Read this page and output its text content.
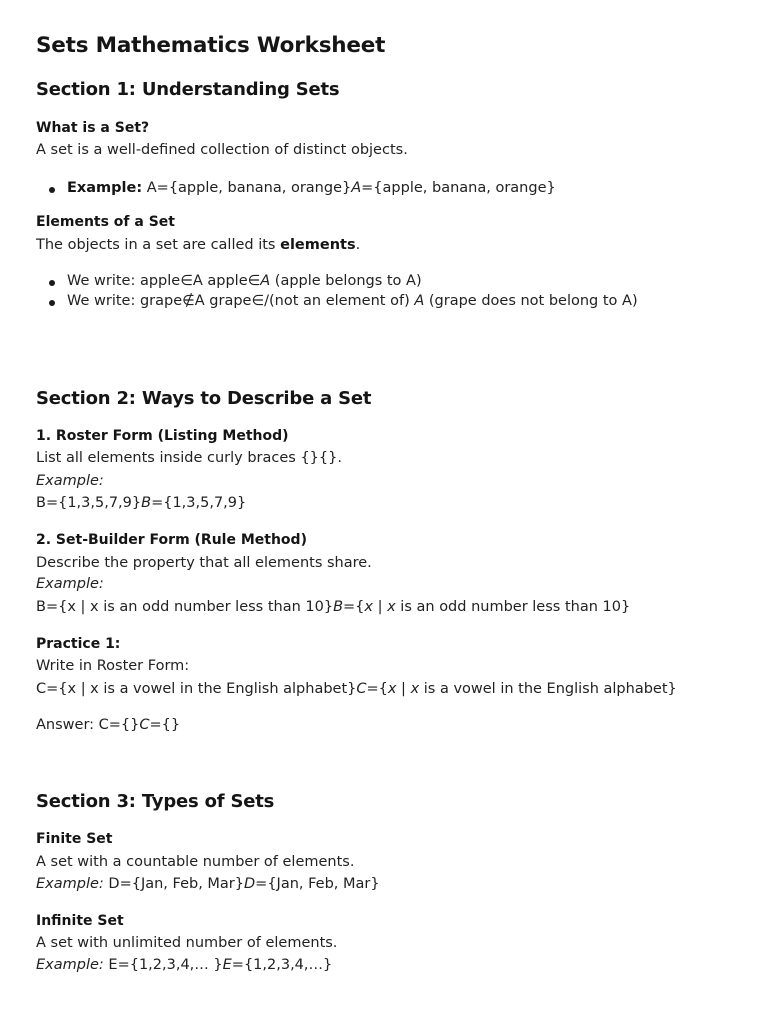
Sets Mathematics Worksheet
Section 1: Understanding Sets
What is a Set?
A set is a well-defined collection of distinct objects.
Example: A={apple, banana, orange}A={apple, banana, orange}
Elements of a Set
The objects in a set are called its elements.
We write: apple∈A apple∈A (apple belongs to A)
We write: grape∉A grape∈/(not an element of) A (grape does not belong to A)
Section 2: Ways to Describe a Set
1. Roster Form (Listing Method)
List all elements inside curly braces {}{}.
Example:
B={1,3,5,7,9}B={1,3,5,7,9}
2. Set-Builder Form (Rule Method)
Describe the property that all elements share.
Example:
B={x | x is an odd number less than 10}B={x | x is an odd number less than 10}
Practice 1:
Write in Roster Form:
C={x | x is a vowel in the English alphabet}C={x | x is a vowel in the English alphabet}
Answer: C={}C={}
Section 3: Types of Sets
Finite Set
A set with a countable number of elements.
Example: D={Jan, Feb, Mar}D={Jan, Feb, Mar}
Infinite Set
A set with unlimited number of elements.
Example: E={1,2,3,4,… }E={1,2,3,4,…}
